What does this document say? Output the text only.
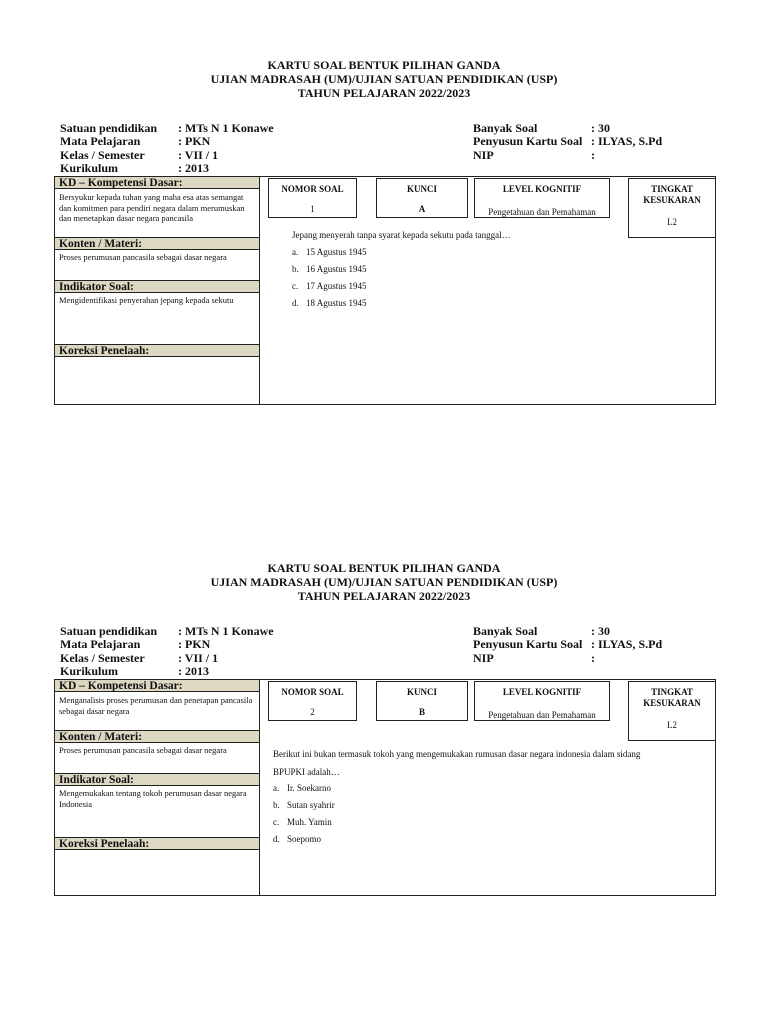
KARTU SOAL BENTUK PILIHAN GANDA
UJIAN MADRASAH (UM)/UJIAN SATUAN PENDIDIKAN (USP)
TAHUN PELAJARAN 2022/2023
Satuan pendidikan : MTs N 1 Konawe
Mata Pelajaran	: PKN
Kelas / Semester	: VII / 1
Kurikulum	: 2013
Banyak Soal	: 30
Penyusun Kartu Soal : ILYAS, S.Pd
NIP	:
KD – Kompetensi Dasar:
Bersyukur kepada tuhan yang maha esa atas semangat dan komitmen para pendiri negara dalam merumuskan dan menetapkan dasar negara pancasila
Konten / Materi:
Proses perumusan pancasila sebagai dasar negara
Indikator Soal:
Mengidentifikasi penyerahan jepang kepada sekutu
Koreksi Penelaah:
NOMOR SOAL
1
KUNCI
A
LEVEL KOGNITIF
Pengetahuan dan Pemahaman
TINGKAT
KESUKARAN
L2
Jepang menyerah tanpa syarat kepada sekutu pada tanggal…
a. 15 Agustus 1945
b. 16 Agustus 1945
c. 17 Agustus 1945
d. 18 Agustus 1945
KARTU SOAL BENTUK PILIHAN GANDA
UJIAN MADRASAH (UM)/UJIAN SATUAN PENDIDIKAN (USP)
TAHUN PELAJARAN 2022/2023
Satuan pendidikan : MTs N 1 Konawe
Mata Pelajaran	: PKN
Kelas / Semester	: VII / 1
Kurikulum	: 2013
Banyak Soal	: 30
Penyusun Kartu Soal : ILYAS, S.Pd
NIP	:
KD – Kompetensi Dasar:
Menganalisis proses perumusan dan penetapan pancasila sebagai dasar negara
Konten / Materi:
Proses perumusan pancasila sebagai dasar negara
Indikator Soal:
Mengemukakan tentang tokoh perumusan dasar negara Indonesia
Koreksi Penelaah:
NOMOR SOAL
2
KUNCI
B
LEVEL KOGNITIF
Pengetahuan dan Pemahaman
TINGKAT
KESUKARAN
L2
Berikut ini bukan termasuk tokoh yang mengemukakan rumusan dasar negara indonesia dalam sidang
BPUPKI adalah…
a. Ir. Soekarno
b. Sutan syahrir
c. Muh. Yamin
d. Soepomo
